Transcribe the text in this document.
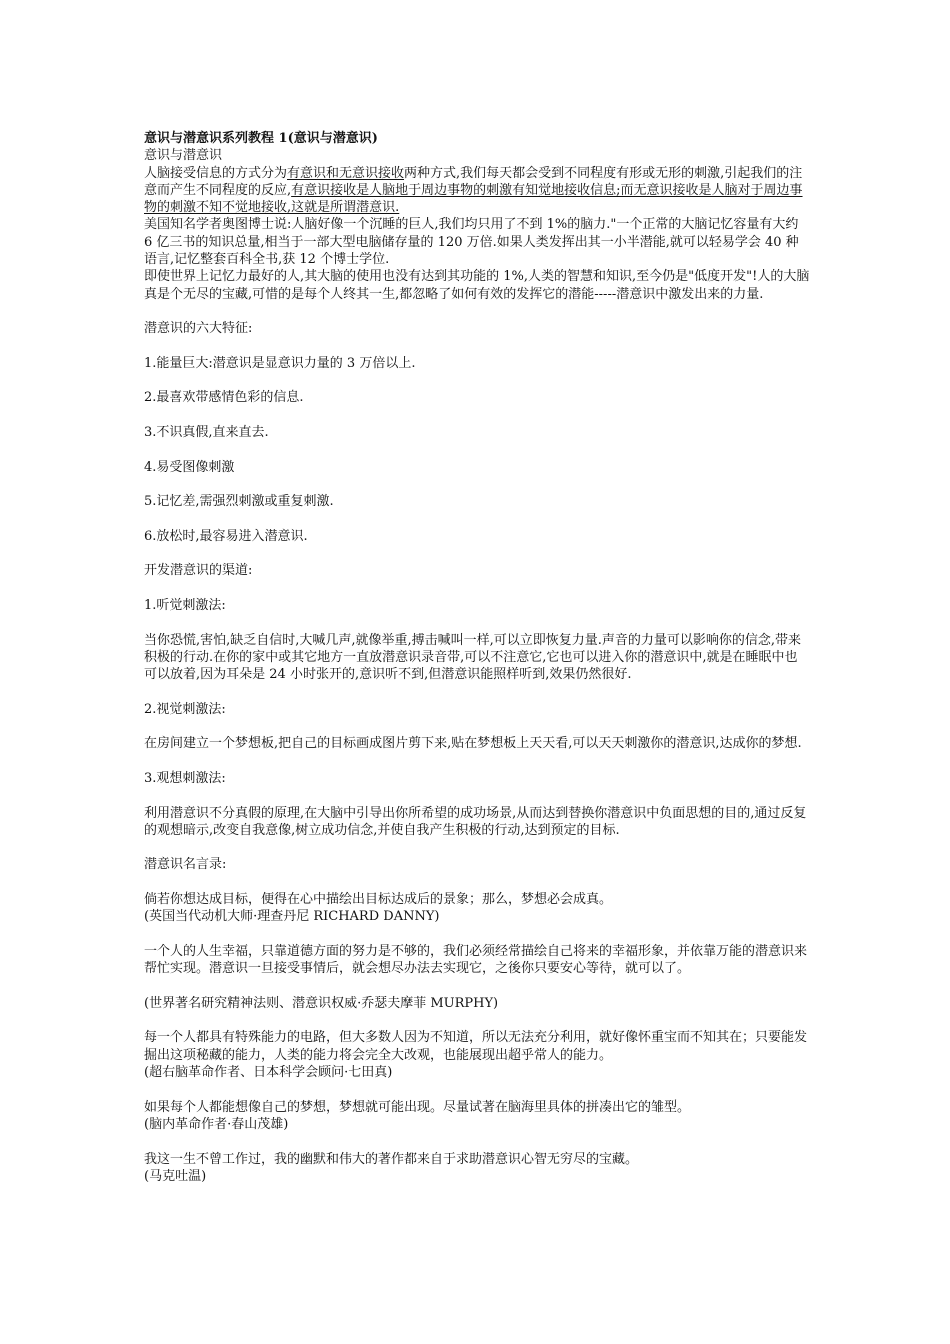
意识与潜意识系列教程 1(意识与潜意识)

意识与潜意识

人脑接受信息的方式分为有意识和无意识接收两种方式,我们每天都会受到不同程度有形或无形的刺激,引起我们的注意而产生不同程度的反应,有意识接收是人脑地于周边事物的刺激有知觉地接收信息;而无意识接收是人脑对于周边事物的刺激不知不觉地接收,这就是所谓潜意识.

美国知名学者奥图博士说:人脑好像一个沉睡的巨人,我们均只用了不到 1%的脑力."一个正常的大脑记忆容量有大约 6 亿三书的知识总量,相当于一部大型电脑储存量的 120 万倍.如果人类发挥出其一小半潜能,就可以轻易学会 40 种语言,记忆整套百科全书,获 12 个博士学位.

即使世界上记忆力最好的人,其大脑的使用也没有达到其功能的 1%,人类的智慧和知识,至今仍是"低度开发"!人的大脑真是个无尽的宝藏,可惜的是每个人终其一生,都忽略了如何有效的发挥它的潜能-----潜意识中激发出来的力量.

潜意识的六大特征:

1.能量巨大:潜意识是显意识力量的 3 万倍以上.

2.最喜欢带感情色彩的信息.

3.不识真假,直来直去.

4.易受图像刺激

5.记忆差,需强烈刺激或重复刺激.

6.放松时,最容易进入潜意识.

开发潜意识的渠道:

1.听觉刺激法:

当你恐慌,害怕,缺乏自信时,大喊几声,就像举重,搏击喊叫一样,可以立即恢复力量.声音的力量可以影响你的信念,带来积极的行动.在你的家中或其它地方一直放潜意识录音带,可以不注意它,它也可以进入你的潜意识中,就是在睡眠中也可以放着,因为耳朵是 24 小时张开的,意识听不到,但潜意识能照样听到,效果仍然很好.

2.视觉刺激法:

在房间建立一个梦想板,把自己的目标画成图片剪下来,贴在梦想板上天天看,可以天天刺激你的潜意识,达成你的梦想.

3.观想刺激法:

利用潜意识不分真假的原理,在大脑中引导出你所希望的成功场景,从而达到替换你潜意识中负面思想的目的,通过反复的观想暗示,改变自我意像,树立成功信念,并使自我产生积极的行动,达到预定的目标.

潜意识名言录:

倘若你想达成目标，便得在心中描绘出目标达成后的景象；那么，梦想必会成真。

(英国当代动机大师·理查丹尼 RICHARD DANNY)

一个人的人生幸福，只靠道德方面的努力是不够的，我们必须经常描绘自己将来的幸福形象，并依靠万能的潜意识来帮忙实现。潜意识一旦接受事情后，就会想尽办法去实现它，之後你只要安心等待，就可以了。

(世界著名研究精神法则、潜意识权威·乔瑟夫摩菲 MURPHY)

每一个人都具有特殊能力的电路，但大多数人因为不知道，所以无法充分利用，就好像怀重宝而不知其在；只要能发掘出这项秘藏的能力，人类的能力将会完全大改观，也能展现出超乎常人的能力。

(超右脑革命作者、日本科学会顾问·七田真)

如果每个人都能想像自己的梦想，梦想就可能出现。尽量试著在脑海里具体的拼凑出它的雏型。

(脑内革命作者·春山茂雄)

我这一生不曾工作过，我的幽默和伟大的著作都来自于求助潜意识心智无穷尽的宝藏。

(马克吐温)
